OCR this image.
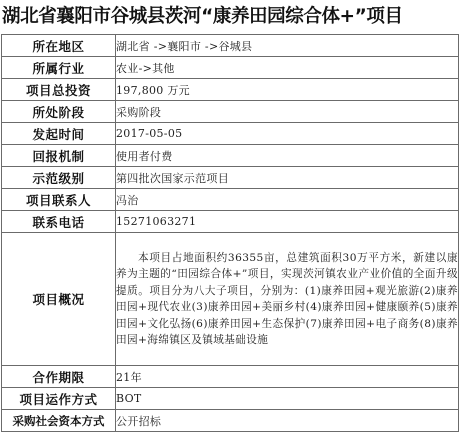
湖北省襄阳市谷城县茨河“康养田园综合体+”项目
所在地区	湖北省 ->襄阳市 ->谷城县
所属行业	农业->其他
项目总投资	197,800 万元
所处阶段	采购阶段
发起时间	2017-05-05
回报机制	使用者付费
示范级别	第四批次国家示范项目
项目联系人	冯治
联系电话	15271063271
项目概况	本项目占地面积约36355亩，总建筑面积30万平方米，新建以康养为主题的“田园综合体+”项目，实现茨河镇农业产业价值的全面升级提质。项目分为八大子项目，分别为：(1)康养田园+观光旅游(2)康养田园+现代农业(3)康养田园+美丽乡村(4)康养田园+健康颐养(5)康养田园+文化弘扬(6)康养田园+生态保护(7)康养田园+电子商务(8)康养田园+海绵镇区及镇域基础设施
合作期限	21年
项目运作方式	BOT
采购社会资本方式	公开招标
